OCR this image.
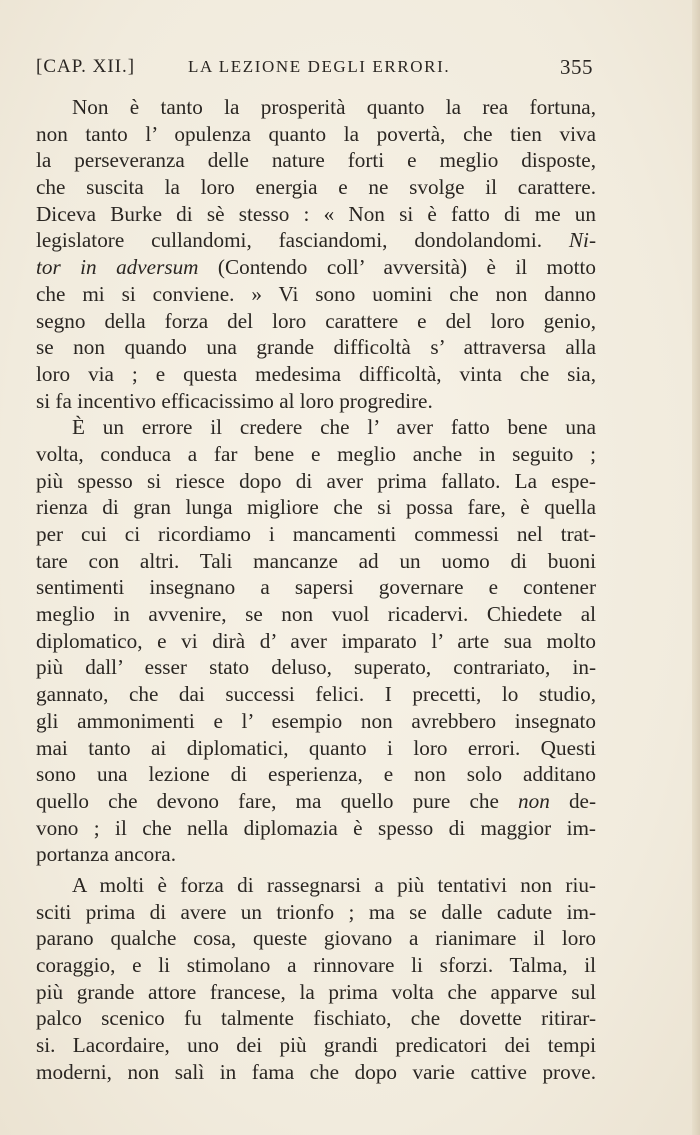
[CAP. XII.]	LA LEZIONE DEGLI ERRORI.	355
Non è tanto la prosperità quanto la rea fortuna,
non tanto l’ opulenza quanto la povertà, che tien viva
la perseveranza delle nature forti e meglio disposte,
che suscita la loro energia e ne svolge il carattere.
Diceva Burke di sè stesso : « Non si è fatto di me un
legislatore cullandomi, fasciandomi, dondolandomi. Ni-
tor in adversum (Contendo coll’ avversità) è il motto
che mi si conviene. » Vi sono uomini che non danno
segno della forza del loro carattere e del loro genio,
se non quando una grande difficoltà s’ attraversa alla
loro via ; e questa medesima difficoltà, vinta che sia,
si fa incentivo efficacissimo al loro progredire.
È un errore il credere che l’ aver fatto bene una
volta, conduca a far bene e meglio anche in seguito ;
più spesso si riesce dopo di aver prima fallato. La espe-
rienza di gran lunga migliore che si possa fare, è quella
per cui ci ricordiamo i mancamenti commessi nel trat-
tare con altri. Tali mancanze ad un uomo di buoni
sentimenti insegnano a sapersi governare e contener
meglio in avvenire, se non vuol ricadervi. Chiedete al
diplomatico, e vi dirà d’ aver imparato l’ arte sua molto
più dall’ esser stato deluso, superato, contrariato, in-
gannato, che dai successi felici. I precetti, lo studio,
gli ammonimenti e l’ esempio non avrebbero insegnato
mai tanto ai diplomatici, quanto i loro errori. Questi
sono una lezione di esperienza, e non solo additano
quello che devono fare, ma quello pure che non de-
vono ; il che nella diplomazia è spesso di maggior im-
portanza ancora.
A molti è forza di rassegnarsi a più tentativi non riu-
sciti prima di avere un trionfo ; ma se dalle cadute im-
parano qualche cosa, queste giovano a rianimare il loro
coraggio, e li stimolano a rinnovare li sforzi. Talma, il
più grande attore francese, la prima volta che apparve sul
palco scenico fu talmente fischiato, che dovette ritirar-
si. Lacordaire, uno dei più grandi predicatori dei tempi
moderni, non salì in fama che dopo varie cattive prove.
